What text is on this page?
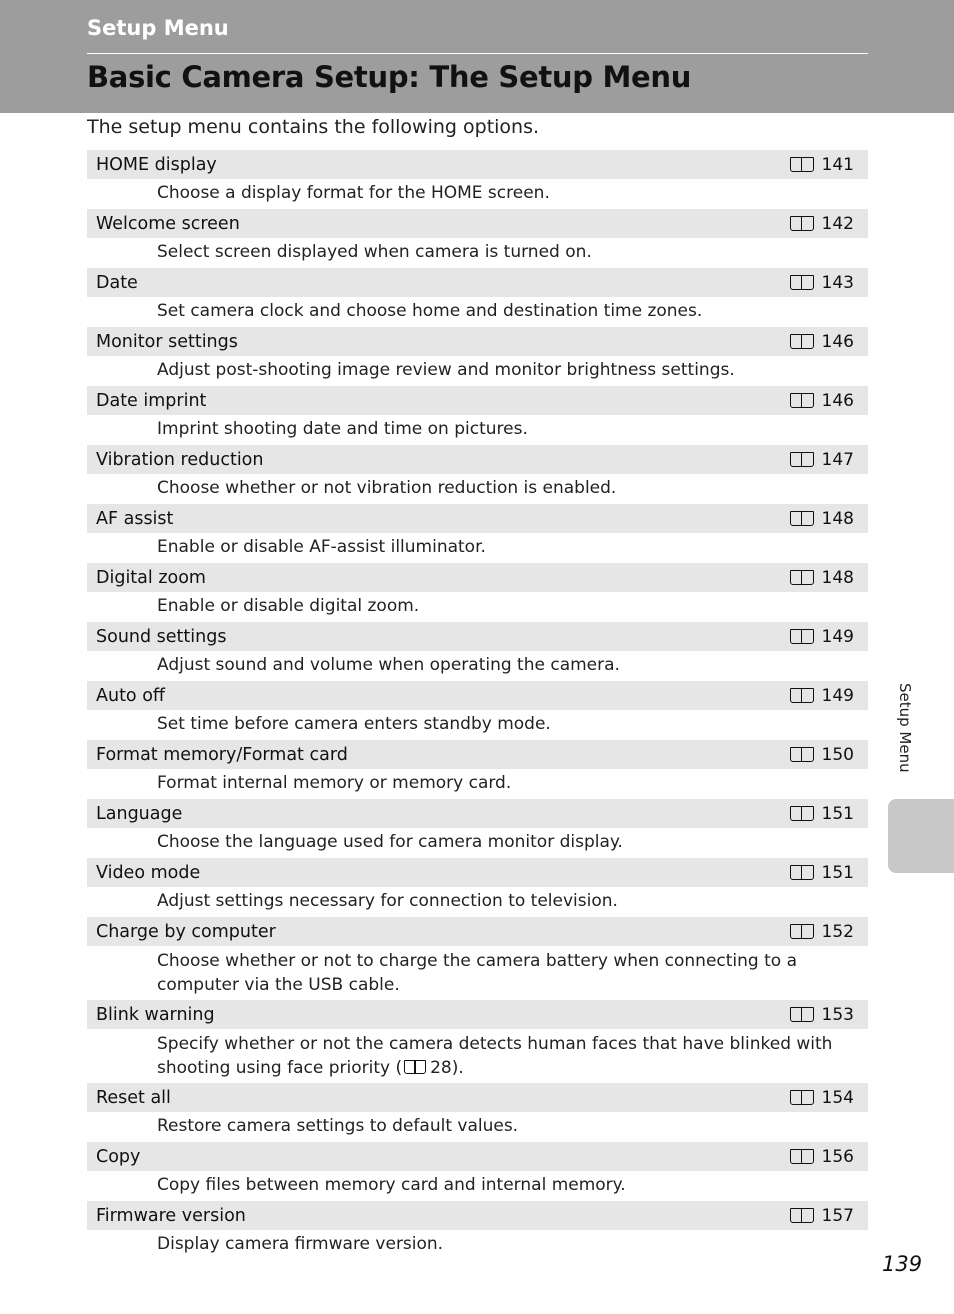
Setup Menu
Basic Camera Setup: The Setup Menu
The setup menu contains the following options.
HOME display	141
Choose a display format for the HOME screen.
Welcome screen	142
Select screen displayed when camera is turned on.
Date	143
Set camera clock and choose home and destination time zones.
Monitor settings	146
Adjust post-shooting image review and monitor brightness settings.
Date imprint	146
Imprint shooting date and time on pictures.
Vibration reduction	147
Choose whether or not vibration reduction is enabled.
AF assist	148
Enable or disable AF-assist illuminator.
Digital zoom	148
Enable or disable digital zoom.
Sound settings	149
Adjust sound and volume when operating the camera.
Auto off	149
Set time before camera enters standby mode.
Format memory/Format card	150
Format internal memory or memory card.
Language	151
Choose the language used for camera monitor display.
Video mode	151
Adjust settings necessary for connection to television.
Charge by computer	152
Choose whether or not to charge the camera battery when connecting to a computer via the USB cable.
Blink warning	153
Specify whether or not the camera detects human faces that have blinked with shooting using face priority ( 28).
Reset all	154
Restore camera settings to default values.
Copy	156
Copy files between memory card and internal memory.
Firmware version	157
Display camera firmware version.
Setup Menu
139
